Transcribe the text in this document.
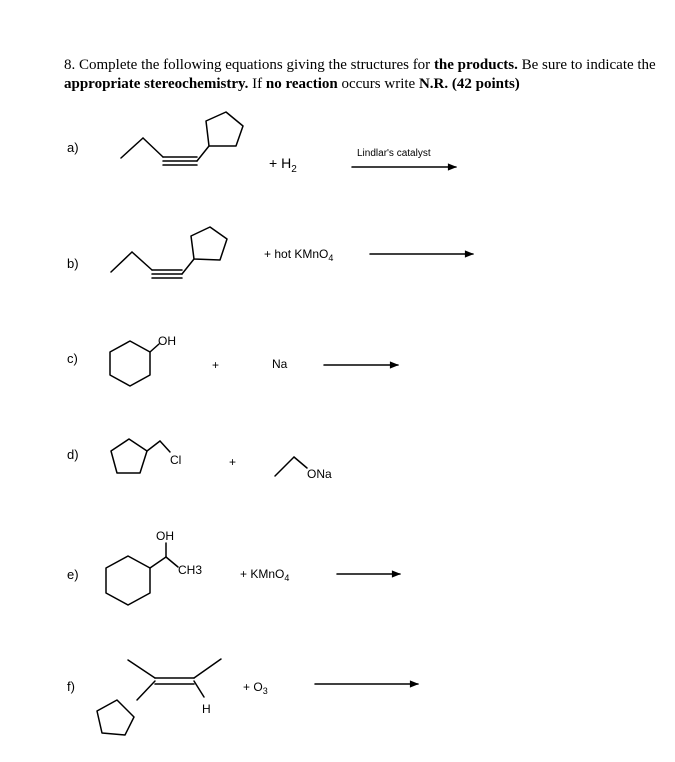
8. Complete the following equations giving the structures for the products. Be sure to indicate the appropriate stereochemistry. If no reaction occurs write N.R. (42 points)
a)
b)
c)
d)
e)
f)
+ $H_2$
Lindlar's catalyst
+ hot KMnO$_4$
OH
+	Na
Cl	+
ONa
OH
CH3	+ KMnO$_4$
H
+ $O_3$
